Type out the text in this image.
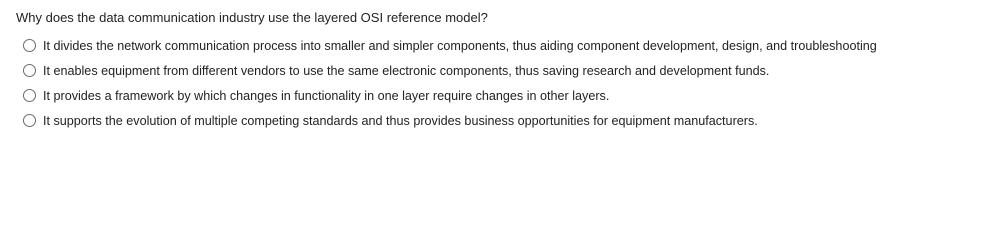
Why does the data communication industry use the layered OSI reference model?
It divides the network communication process into smaller and simpler components, thus aiding component development, design, and troubleshooting
It enables equipment from different vendors to use the same electronic components, thus saving research and development funds.
It provides a framework by which changes in functionality in one layer require changes in other layers.
It supports the evolution of multiple competing standards and thus provides business opportunities for equipment manufacturers.
